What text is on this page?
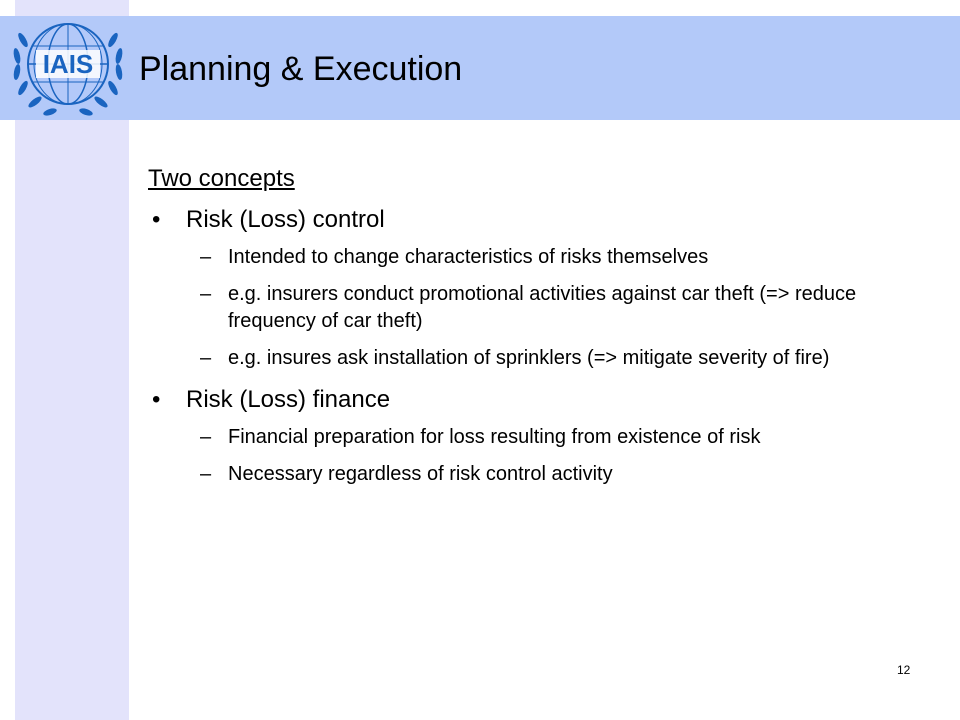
IAIS Planning & Execution
Two concepts
• Risk (Loss) control
– Intended to change characteristics of risks themselves
– e.g. insurers conduct promotional activities against car theft (=> reduce frequency of car theft)
– e.g. insures ask installation of sprinklers (=> mitigate severity of fire)
• Risk (Loss) finance
– Financial preparation for loss resulting from existence of risk
– Necessary regardless of risk control activity
12
